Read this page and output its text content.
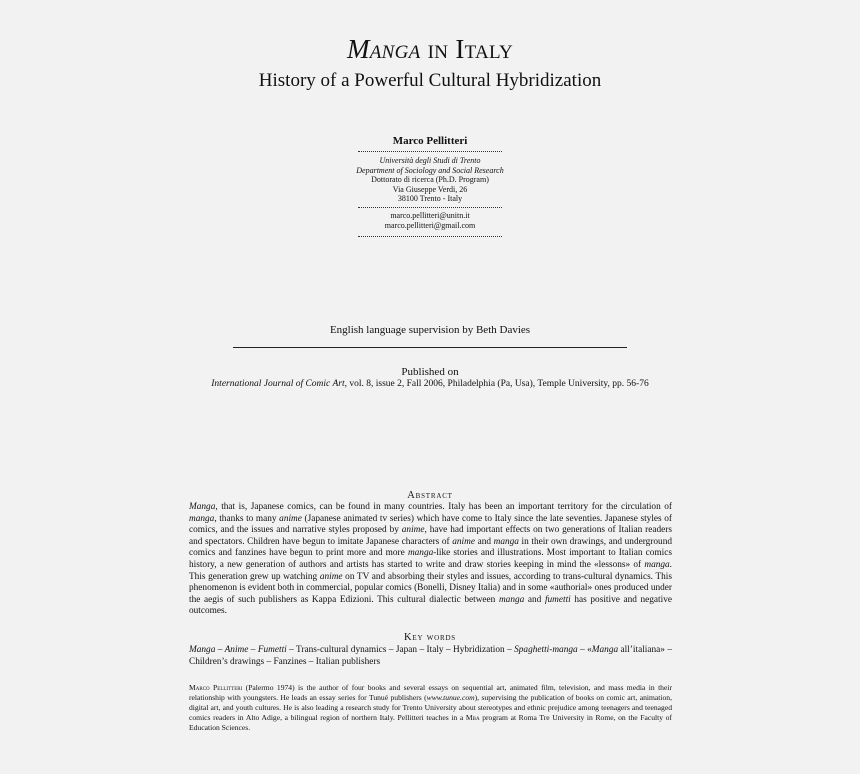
Manga in Italy
History of a Powerful Cultural Hybridization
Marco Pellitteri
Università degli Studi di Trento
Department of Sociology and Social Research
Dottorato di ricerca (Ph.D. Program)
Via Giuseppe Verdi, 26
38100 Trento - Italy
marco.pellitteri@unitn.it
marco.pellitteri@gmail.com
English language supervision by Beth Davies
Published on
International Journal of Comic Art, vol. 8, issue 2, Fall 2006, Philadelphia (Pa, Usa), Temple University, pp. 56-76
Abstract
Manga, that is, Japanese comics, can be found in many countries. Italy has been an important territory for the circulation of manga, thanks to many anime (Japanese animated tv series) which have come to Italy since the late seventies. Japanese styles of comics, and the issues and narrative styles proposed by anime, have had important effects on two generations of Italian readers and spectators. Children have begun to imitate Japanese characters of anime and manga in their own drawings, and underground comics and fanzines have begun to print more and more manga-like stories and illustrations. Most important to Italian comics history, a new generation of authors and artists has started to write and draw stories keeping in mind the «lessons» of manga. This generation grew up watching anime on TV and absorbing their styles and issues, according to trans-cultural dynamics. This phenomenon is evident both in commercial, popular comics (Bonelli, Disney Italia) and in some «authorial» ones produced under the aegis of such publishers as Kappa Edizioni. This cultural dialectic between manga and fumetti has positive and negative outcomes.
Key words
Manga – Anime – Fumetti – Trans-cultural dynamics – Japan – Italy – Hybridization – Spaghetti-manga – «Manga all’italiana» – Children’s drawings – Fanzines – Italian publishers
Marco Pellitteri (Palermo 1974) is the author of four books and several essays on sequential art, animated film, television, and mass media in their relationship with youngsters. He leads an essay series for Tunué publishers (www.tunue.com), supervising the publication of books on comic art, animation, digital art, and youth cultures. He is also leading a research study for Trento University about stereotypes and ethnic prejudice among teenagers and teenaged comics readers in Alto Adige, a bilingual region of northern Italy. Pellitteri teaches in a Mba program at Roma Tre University in Rome, on the Faculty of Education Sciences.
